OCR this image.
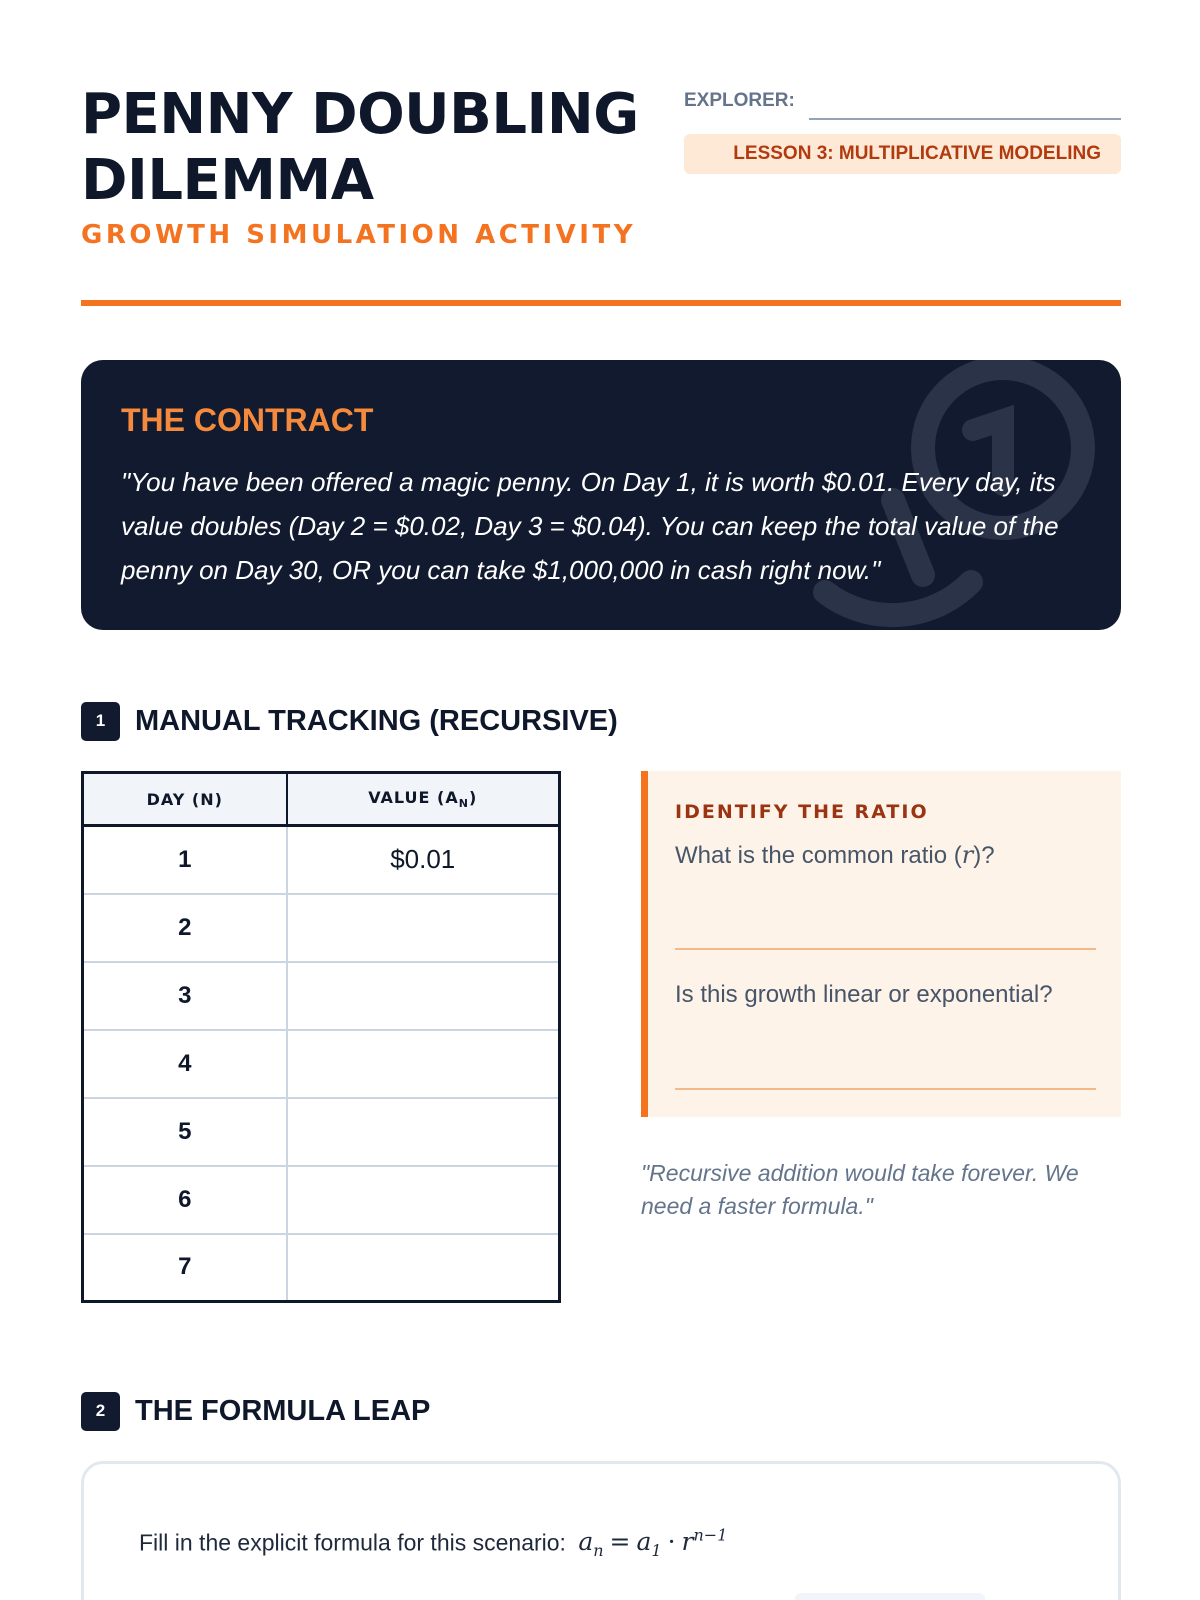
PENNY DOUBLING DILEMMA
GROWTH SIMULATION ACTIVITY
EXPLORER:
LESSON 3: MULTIPLICATIVE MODELING
THE CONTRACT

"You have been offered a magic penny. On Day 1, it is worth $0.01. Every day, its value doubles (Day 2 = $0.02, Day 3 = $0.04). You can keep the total value of the penny on Day 30, OR you can take $1,000,000 in cash right now."

1	MANUAL TRACKING (RECURSIVE)
DAY (N)	VALUE $(A_N)$
1	$0.01
2	
3	
4	
5	
6	
7	
IDENTIFY THE RATIO
What is the common ratio (r)?
Is this growth linear or exponential?

"Recursive addition would take forever. We need a faster formula."

2	THE FORMULA LEAP
Fill in the explicit formula for this scenario: $a_n = a_1 \cdot r^{n-1}$
